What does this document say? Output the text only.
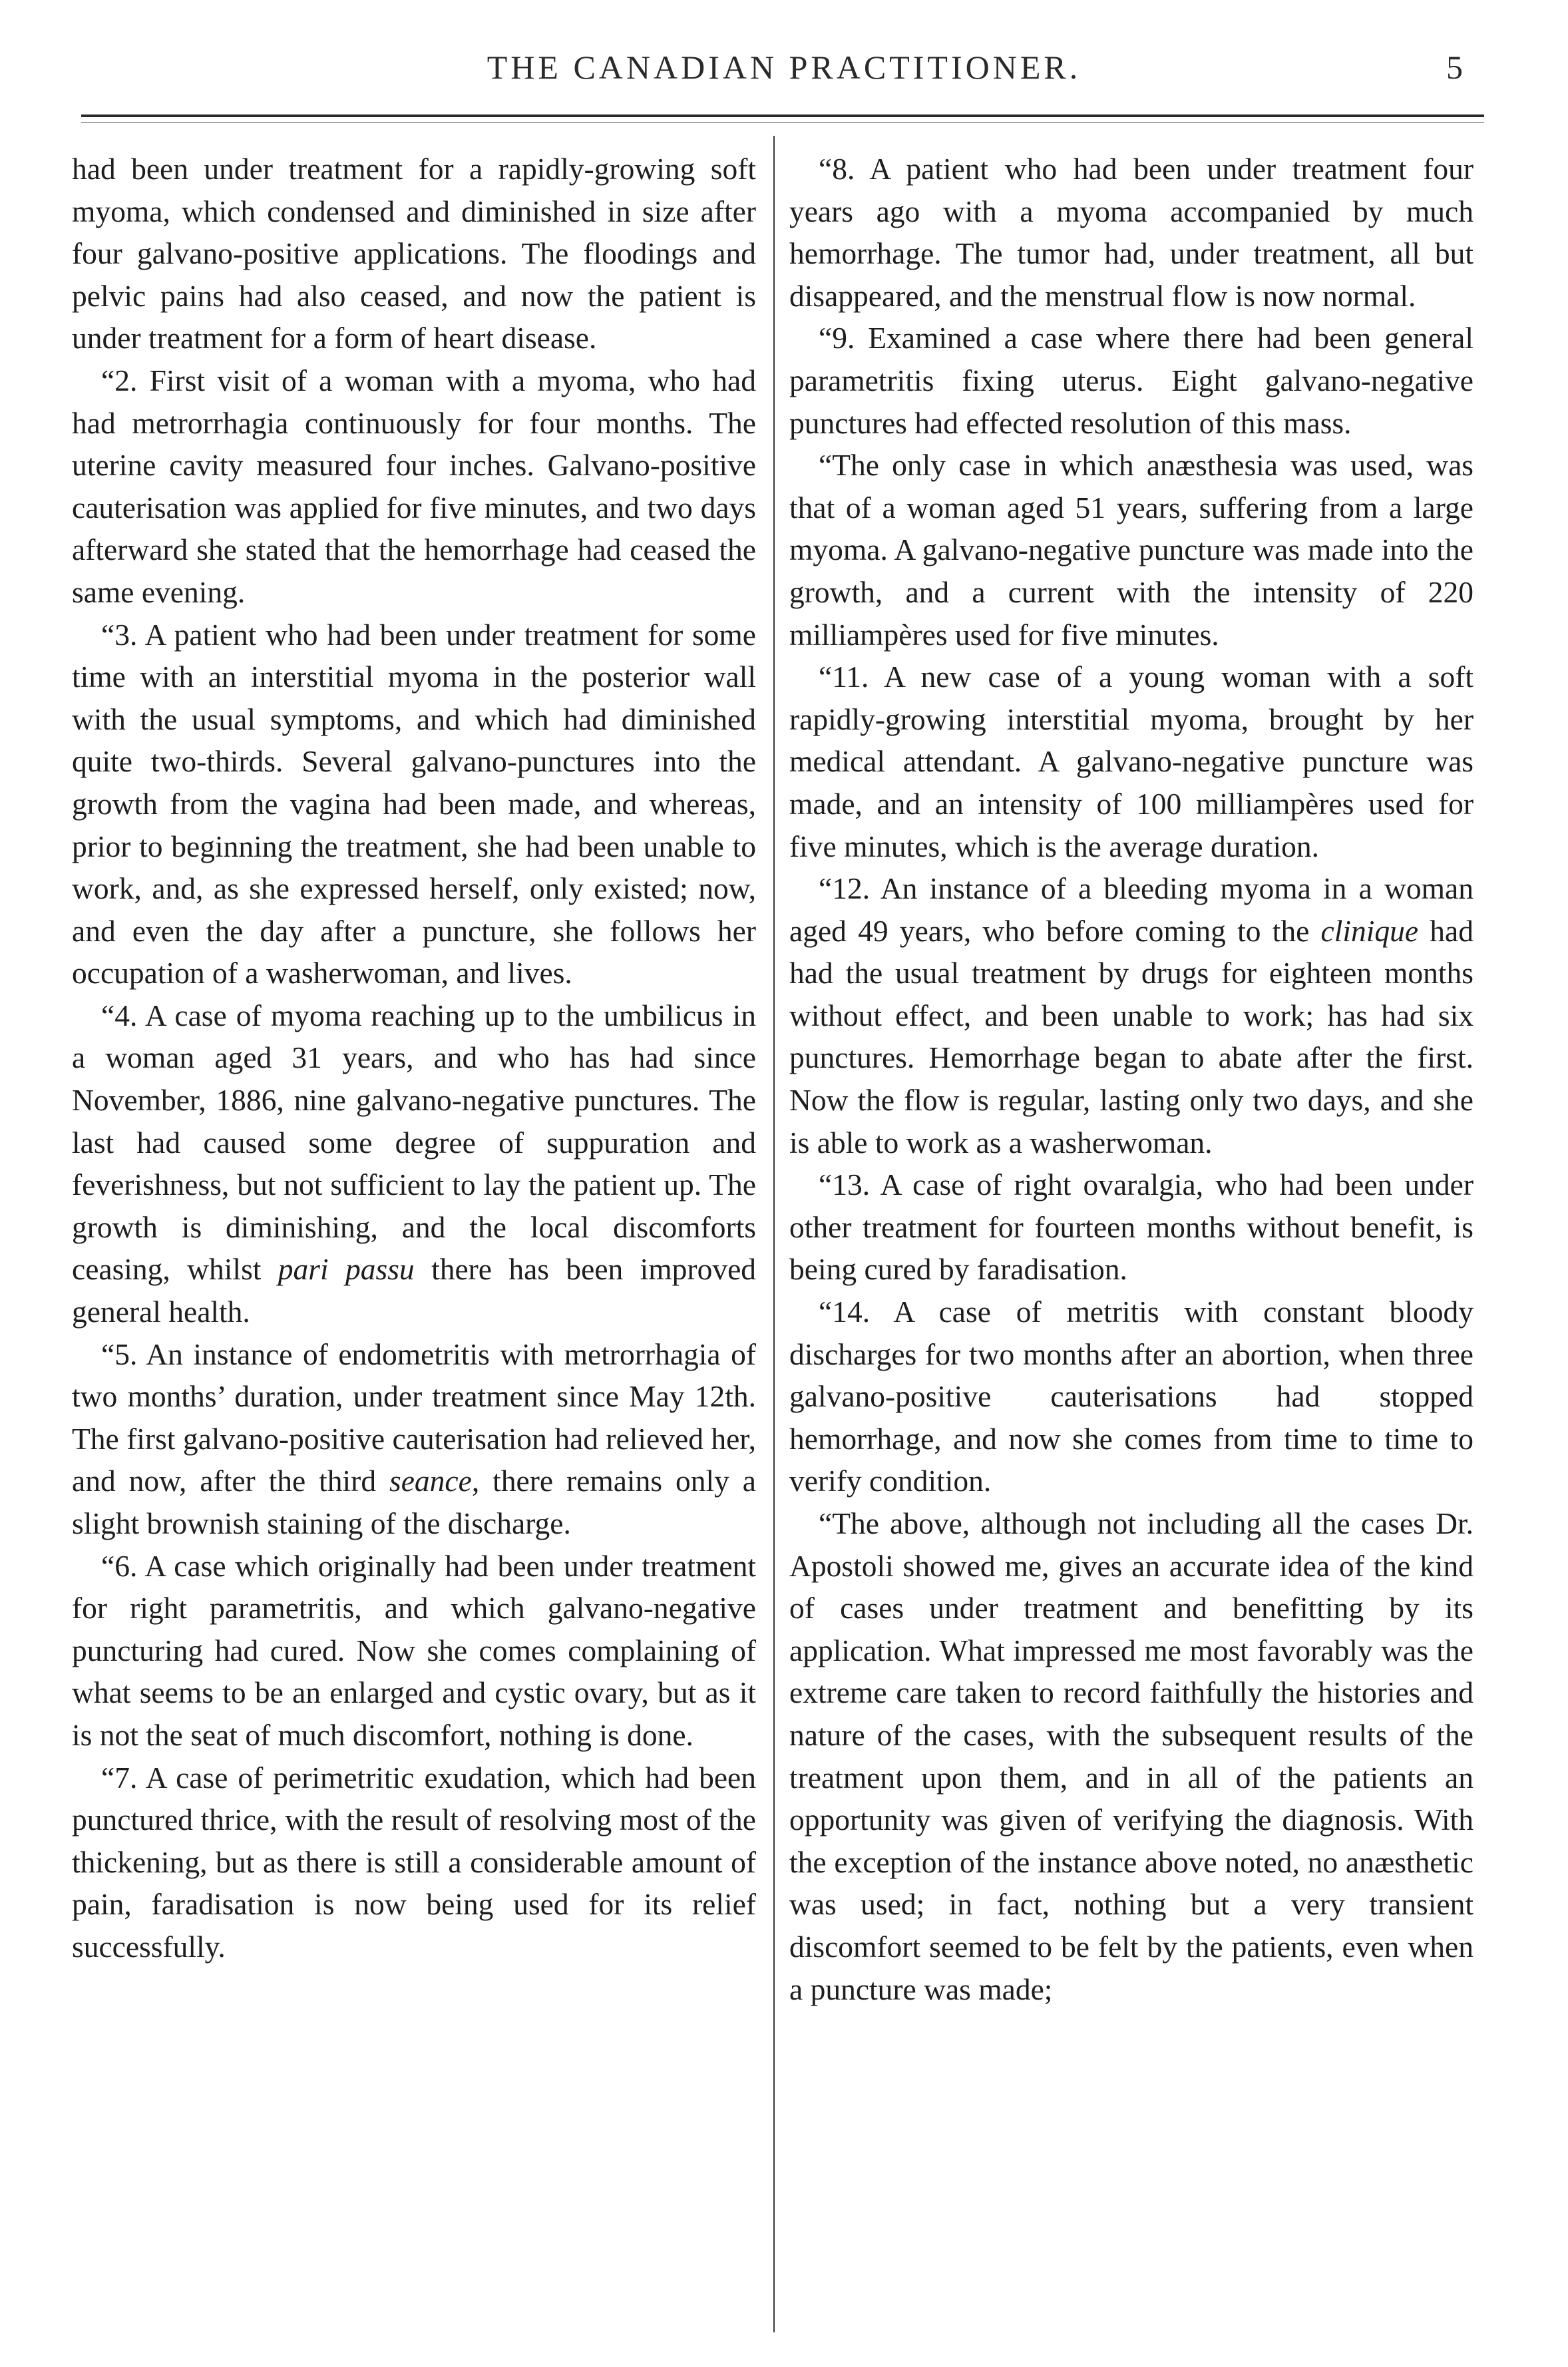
THE CANADIAN PRACTITIONER.	5

had been under treatment for a rapidly-growing soft myoma, which condensed and diminished in size after four galvano-positive applications. The floodings and pelvic pains had also ceased, and now the patient is under treatment for a form of heart disease.

“2. First visit of a woman with a myoma, who had had metrorrhagia continuously for four months. The uterine cavity measured four inches. Galvano-positive cauterisation was applied for five minutes, and two days afterward she stated that the hemorrhage had ceased the same evening.

“3. A patient who had been under treatment for some time with an interstitial myoma in the posterior wall with the usual symptoms, and which had diminished quite two-thirds. Several galvano-punctures into the growth from the vagina had been made, and whereas, prior to beginning the treatment, she had been unable to work, and, as she expressed herself, only existed; now, and even the day after a puncture, she follows her occupation of a washerwoman, and lives.

“4. A case of myoma reaching up to the umbilicus in a woman aged 31 years, and who has had since November, 1886, nine galvano-negative punctures. The last had caused some degree of suppuration and feverishness, but not sufficient to lay the patient up. The growth is diminishing, and the local discomforts ceasing, whilst pari passu there has been improved general health.

“5. An instance of endometritis with metrorrhagia of two months’ duration, under treatment since May 12th. The first galvano-positive cauterisation had relieved her, and now, after the third seance, there remains only a slight brownish staining of the discharge.

“6. A case which originally had been under treatment for right parametritis, and which galvano-negative puncturing had cured. Now she comes complaining of what seems to be an enlarged and cystic ovary, but as it is not the seat of much discomfort, nothing is done.

“7. A case of perimetritic exudation, which had been punctured thrice, with the result of resolving most of the thickening, but as there is still a considerable amount of pain, faradisation is now being used for its relief successfully.

“8. A patient who had been under treatment four years ago with a myoma accompanied by much hemorrhage. The tumor had, under treatment, all but disappeared, and the menstrual flow is now normal.

“9. Examined a case where there had been general parametritis fixing uterus. Eight galvano-negative punctures had effected resolution of this mass.

“The only case in which anæsthesia was used, was that of a woman aged 51 years, suffering from a large myoma. A galvano-negative puncture was made into the growth, and a current with the intensity of 220 milliampères used for five minutes.

“11. A new case of a young woman with a soft rapidly-growing interstitial myoma, brought by her medical attendant. A galvano-negative puncture was made, and an intensity of 100 milliampères used for five minutes, which is the average duration.

“12. An instance of a bleeding myoma in a woman aged 49 years, who before coming to the clinique had had the usual treatment by drugs for eighteen months without effect, and been unable to work; has had six punctures. Hemorrhage began to abate after the first. Now the flow is regular, lasting only two days, and she is able to work as a washerwoman.

“13. A case of right ovaralgia, who had been under other treatment for fourteen months without benefit, is being cured by faradisation.

“14. A case of metritis with constant bloody discharges for two months after an abortion, when three galvano-positive cauterisations had stopped hemorrhage, and now she comes from time to time to verify condition.

“The above, although not including all the cases Dr. Apostoli showed me, gives an accurate idea of the kind of cases under treatment and benefitting by its application. What impressed me most favorably was the extreme care taken to record faithfully the histories and nature of the cases, with the subsequent results of the treatment upon them, and in all of the patients an opportunity was given of verifying the diagnosis. With the exception of the instance above noted, no anæsthetic was used; in fact, nothing but a very transient discomfort seemed to be felt by the patients, even when a puncture was made;
